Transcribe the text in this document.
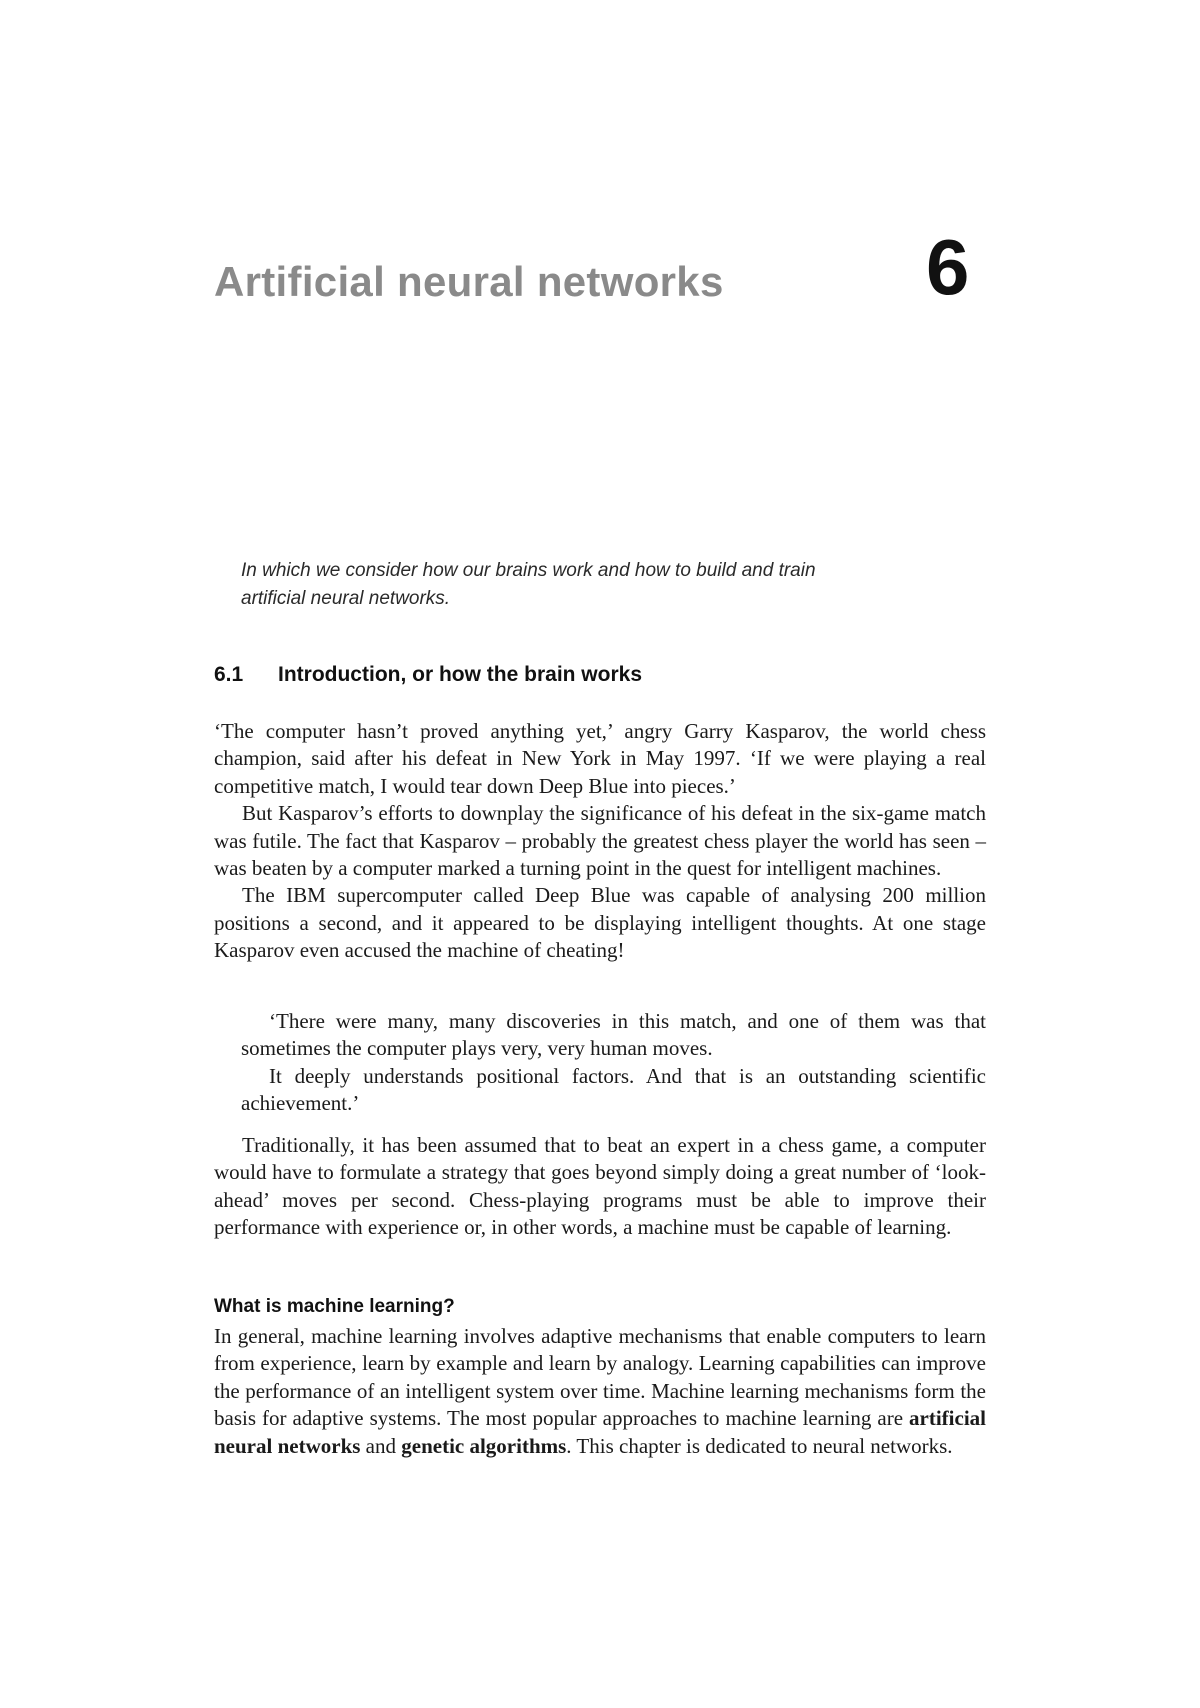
Artificial neural networks	6
In which we consider how our brains work and how to build and train
artificial neural networks.
6.1 Introduction, or how the brain works

‘The computer hasn’t proved anything yet,’ angry Garry Kasparov, the world chess champion, said after his defeat in New York in May 1997. ‘If we were playing a real competitive match, I would tear down Deep Blue into pieces.’

But Kasparov’s efforts to downplay the significance of his defeat in the six-game match was futile. The fact that Kasparov – probably the greatest chess player the world has seen – was beaten by a computer marked a turning point in the quest for intelligent machines.

The IBM supercomputer called Deep Blue was capable of analysing 200 million positions a second, and it appeared to be displaying intelligent thoughts. At one stage Kasparov even accused the machine of cheating!

‘There were many, many discoveries in this match, and one of them was that sometimes the computer plays very, very human moves.

It deeply understands positional factors. And that is an outstanding scientific achievement.’

Traditionally, it has been assumed that to beat an expert in a chess game, a computer would have to formulate a strategy that goes beyond simply doing a great number of ‘look-ahead’ moves per second. Chess-playing programs must be able to improve their performance with experience or, in other words, a machine must be capable of learning.

What is machine learning?

In general, machine learning involves adaptive mechanisms that enable computers to learn from experience, learn by example and learn by analogy. Learning capabilities can improve the performance of an intelligent system over time. Machine learning mechanisms form the basis for adaptive systems. The most popular approaches to machine learning are artificial neural networks and genetic algorithms. This chapter is dedicated to neural networks.
